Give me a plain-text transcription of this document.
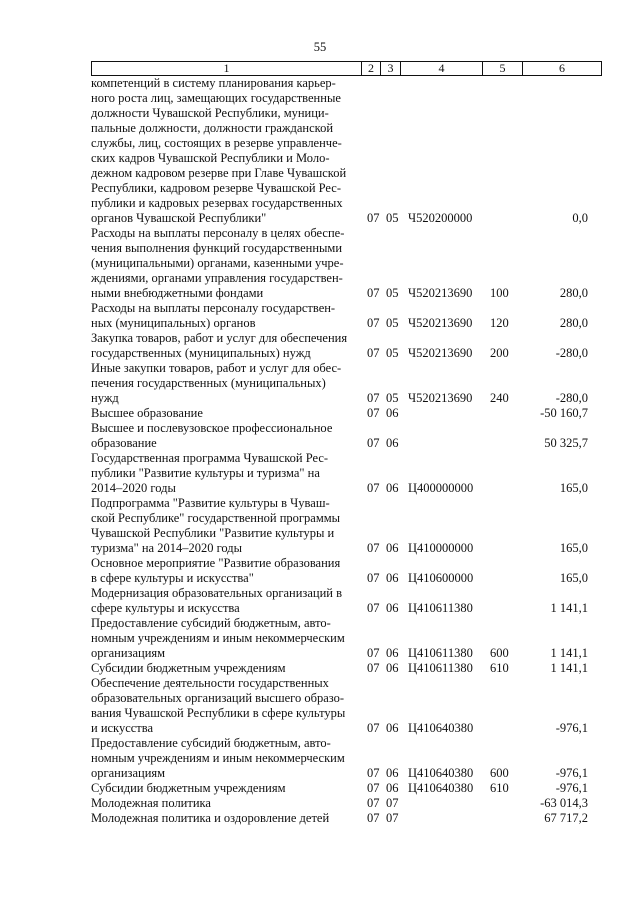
55
1	2	3	4	5	6
компетенций в систему планирования карьер-
ного роста лиц, замещающих государственные
должности Чувашской Республики, муници-
пальные должности, должности гражданской
службы, лиц, состоящих в резерве управленче-
ских кадров Чувашской Республики и Моло-
дежном кадровом резерве при Главе Чувашской
Республики, кадровом резерве Чувашской Рес-
публики и кадровых резервах государственных
органов Чувашской Республики"	07 05 Ч520200000	0,0
Расходы на выплаты персоналу в целях обеспе-
чения выполнения функций государственными
(муниципальными) органами, казенными учре-
ждениями, органами управления государствен-
ными внебюджетными фондами	07 05 Ч520213690	100	280,0
Расходы на выплаты персоналу государствен-
ных (муниципальных) органов	07 05 Ч520213690	120	280,0
Закупка товаров, работ и услуг для обеспечения
государственных (муниципальных) нужд	07 05 Ч520213690	200	-280,0
Иные закупки товаров, работ и услуг для обес-
печения государственных (муниципальных)
нужд	07 05 Ч520213690	240	-280,0
Высшее образование	07 06	-50 160,7
Высшее и послевузовское профессиональное
образование	07 06	50 325,7
Государственная программа Чувашской Рес-
публики "Развитие культуры и туризма" на
2014–2020 годы	07 06 Ц400000000	165,0
Подпрограмма "Развитие культуры в Чуваш-
ской Республике" государственной программы
Чувашской Республики "Развитие культуры и
туризма" на 2014–2020 годы	07 06 Ц410000000	165,0
Основное мероприятие "Развитие образования
в сфере культуры и искусства"	07 06 Ц410600000	165,0
Модернизация образовательных организаций в
сфере культуры и искусства	07 06 Ц410611380	1 141,1
Предоставление субсидий бюджетным, авто-
номным учреждениям и иным некоммерческим
организациям	07 06 Ц410611380	600	1 141,1
Субсидии бюджетным учреждениям	07 06 Ц410611380	610	1 141,1
Обеспечение деятельности государственных
образовательных организаций высшего образо-
вания Чувашской Республики в сфере культуры
и искусства	07 06 Ц410640380	-976,1
Предоставление субсидий бюджетным, авто-
номным учреждениям и иным некоммерческим
организациям	07 06 Ц410640380	600	-976,1
Субсидии бюджетным учреждениям	07 06 Ц410640380	610	-976,1
Молодежная политика	07 07	-63 014,3
Молодежная политика и оздоровление детей	07 07	67 717,2
